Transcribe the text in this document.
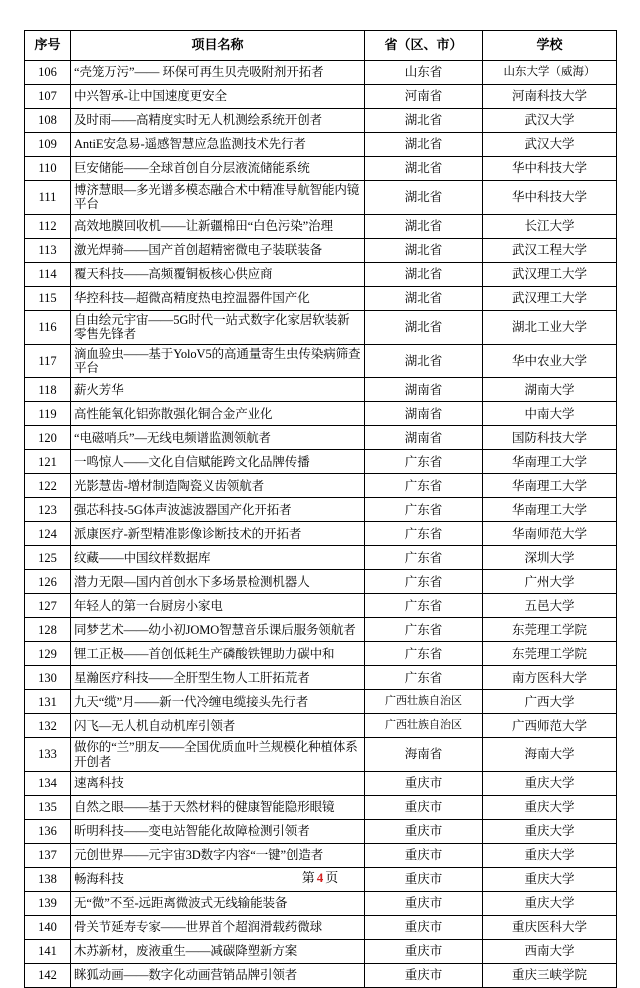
序号	项目名称	省（区、市）	学校
106	“壳笼万污”—— 环保可再生贝壳吸附剂开拓者	山东省	山东大学（威海）
107	中兴智承-让中国速度更安全	河南省	河南科技大学
108	及时雨——高精度实时无人机测绘系统开创者	湖北省	武汉大学
109	AntiE安急易-遥感智慧应急监测技术先行者	湖北省	武汉大学
110	巨安储能——全球首创自分层液流储能系统	湖北省	华中科技大学
111	博济慧眼—多光谱多模态融合术中精准导航智能内镜平台	湖北省	华中科技大学
112	高效地膜回收机——让新疆棉田“白色污染”治理	湖北省	长江大学
113	激光焊骑——国产首创超精密微电子装联装备	湖北省	武汉工程大学
114	覆天科技——高频覆铜板核心供应商	湖北省	武汉理工大学
115	华控科技—超微高精度热电控温器件国产化	湖北省	武汉理工大学
116	自由绘元宇宙——5G时代一站式数字化家居软装新零售先锋者	湖北省	湖北工业大学
117	滴血验虫——基于YoloV5的高通量寄生虫传染病筛查平台	湖北省	华中农业大学
118	薪火芳华	湖南省	湖南大学
119	高性能氧化铝弥散强化铜合金产业化	湖南省	中南大学
120	“电磁哨兵”—无线电频谱监测领航者	湖南省	国防科技大学
121	一鸣惊人——文化自信赋能跨文化品牌传播	广东省	华南理工大学
122	光影慧齿-增材制造陶瓷义齿领航者	广东省	华南理工大学
123	强芯科技-5G体声波滤波器国产化开拓者	广东省	华南理工大学
124	派康医疗-新型精准影像诊断技术的开拓者	广东省	华南师范大学
125	纹藏——中国纹样数据库	广东省	深圳大学
126	潜力无限—国内首创水下多场景检测机器人	广东省	广州大学
127	年轻人的第一台厨房小家电	广东省	五邑大学
128	同梦艺术——幼小初JOMO智慧音乐课后服务领航者	广东省	东莞理工学院
129	锂工正极——首创低耗生产磷酸铁锂助力碳中和	广东省	东莞理工学院
130	星瀚医疗科技——全肝型生物人工肝拓荒者	广东省	南方医科大学
131	九天“缆”月——新一代冷缠电缆接头先行者	广西壮族自治区	广西大学
132	闪飞—无人机自动机库引领者	广西壮族自治区	广西师范大学
133	做你的“兰”朋友——全国优质血叶兰规模化种植体系开创者	海南省	海南大学
134	速离科技	重庆市	重庆大学
135	自然之眼——基于天然材料的健康智能隐形眼镜	重庆市	重庆大学
136	昕明科技——变电站智能化故障检测引领者	重庆市	重庆大学
137	元创世界——元宇宙3D数字内容“一键”创造者	重庆市	重庆大学
138	畅海科技	重庆市	重庆大学
139	无“微”不至-远距离微波式无线输能装备	重庆市	重庆大学
140	骨关节延寿专家——世界首个超润滑载药微球	重庆市	重庆医科大学
141	木苏新材，废液重生——减碳降塑新方案	重庆市	西南大学
142	眯狐动画——数字化动画营销品牌引领者	重庆市	重庆三峡学院
第 4 页
